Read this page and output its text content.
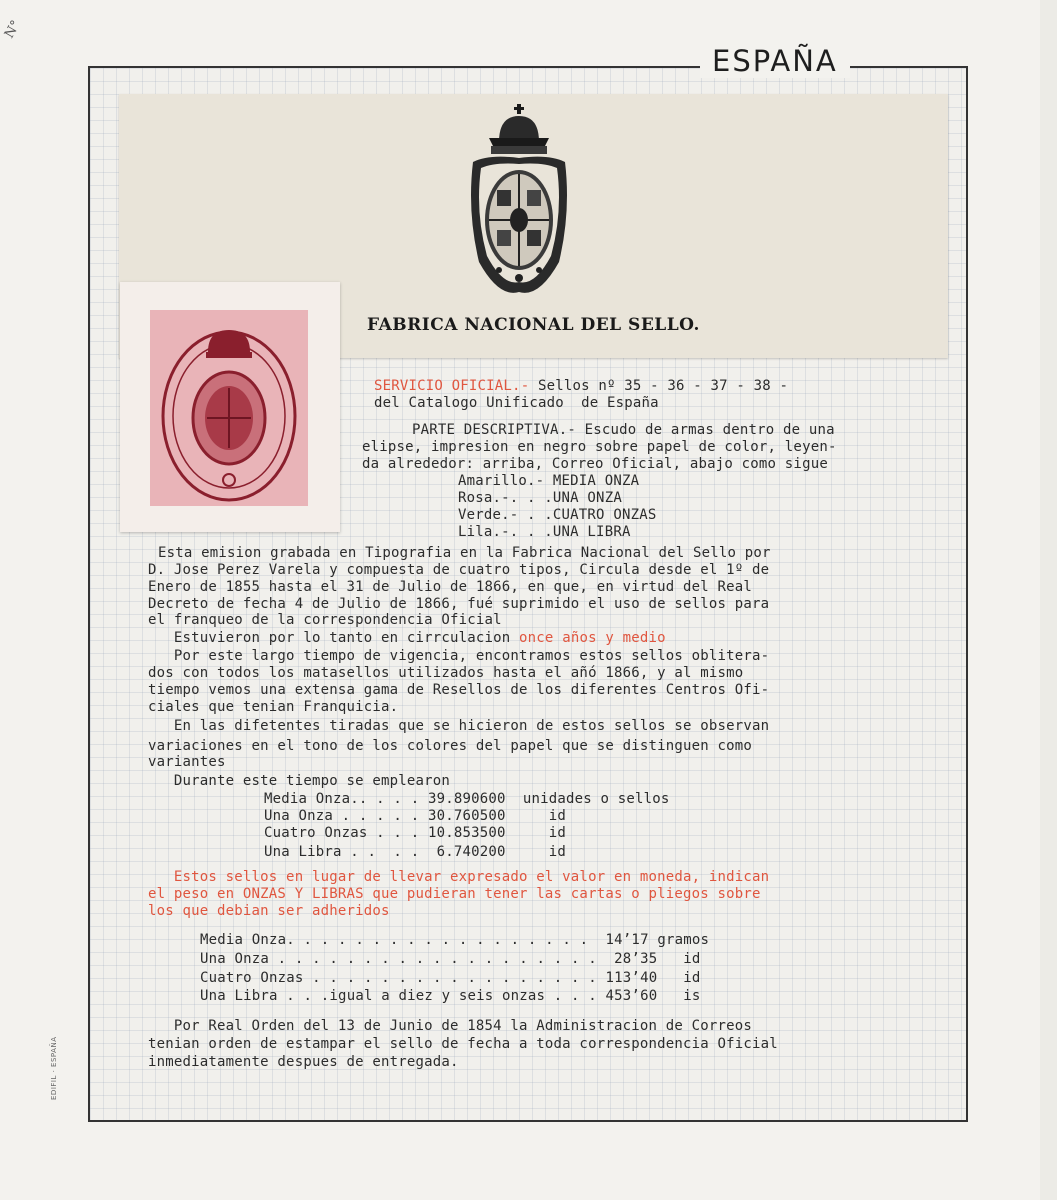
N°
ESPAÑA
EDIFIL · ESPAÑA
FABRICA NACIONAL DEL SELLO.
SERVICIO OFICIAL.- Sellos nº 35 - 36 - 37 - 38 -
del Catalogo Unificado  de España
PARTE DESCRIPTIVA.- Escudo de armas dentro de una
elipse, impresion en negro sobre papel de color, leyen-
da alrededor: arriba, Correo Oficial, abajo como sigue
Amarillo.- MEDIA ONZA
Rosa.-. . .UNA ONZA
Verde.- . .CUATRO ONZAS
Lila.-. . .UNA LIBRA
Esta emision grabada en Tipografia en la Fabrica Nacional del Sello por
D. Jose Perez Varela y compuesta de cuatro tipos, Circula desde el 1º de
Enero de 1855 hasta el 31 de Julio de 1866, en que, en virtud del Real
Decreto de fecha 4 de Julio de 1866, fué suprimido el uso de sellos para
el franqueo de la correspondencia Oficial
Estuvieron por lo tanto en cirrculacion once años y medio
Por este largo tiempo de vigencia, encontramos estos sellos oblitera-
dos con todos los matasellos utilizados hasta el añó 1866, y al mismo
tiempo vemos una extensa gama de Resellos de los diferentes Centros Ofi-
ciales que tenian Franquicia.
En las difetentes tiradas que se hicieron de estos sellos se observan
variaciones en el tono de los colores del papel que se distinguen como
variantes
Durante este tiempo se emplearon
Media Onza.. . . . 39.890600  unidades o sellos
Una Onza . . . . . 30.760500     id
Cuatro Onzas . . . 10.853500     id
Una Libra . .  . .  6.740200     id
Estos sellos en lugar de llevar expresado el valor en moneda, indican
el peso en ONZAS Y LIBRAS que pudieran tener las cartas o pliegos sobre
los que debian ser adheridos
Media Onza. . . . . . . . . . . . . . . . . .  14’17 gramos
Una Onza . . . . . . . . . . . . . . . . . . .  28’35   id
Cuatro Onzas . . . . . . . . . . . . . . . . . 113’40   id
Una Libra . . .igual a diez y seis onzas . . . 453’60   is
Por Real Orden del 13 de Junio de 1854 la Administracion de Correos
tenian orden de estampar el sello de fecha a toda correspondencia Oficial
inmediatamente despues de entregada.
